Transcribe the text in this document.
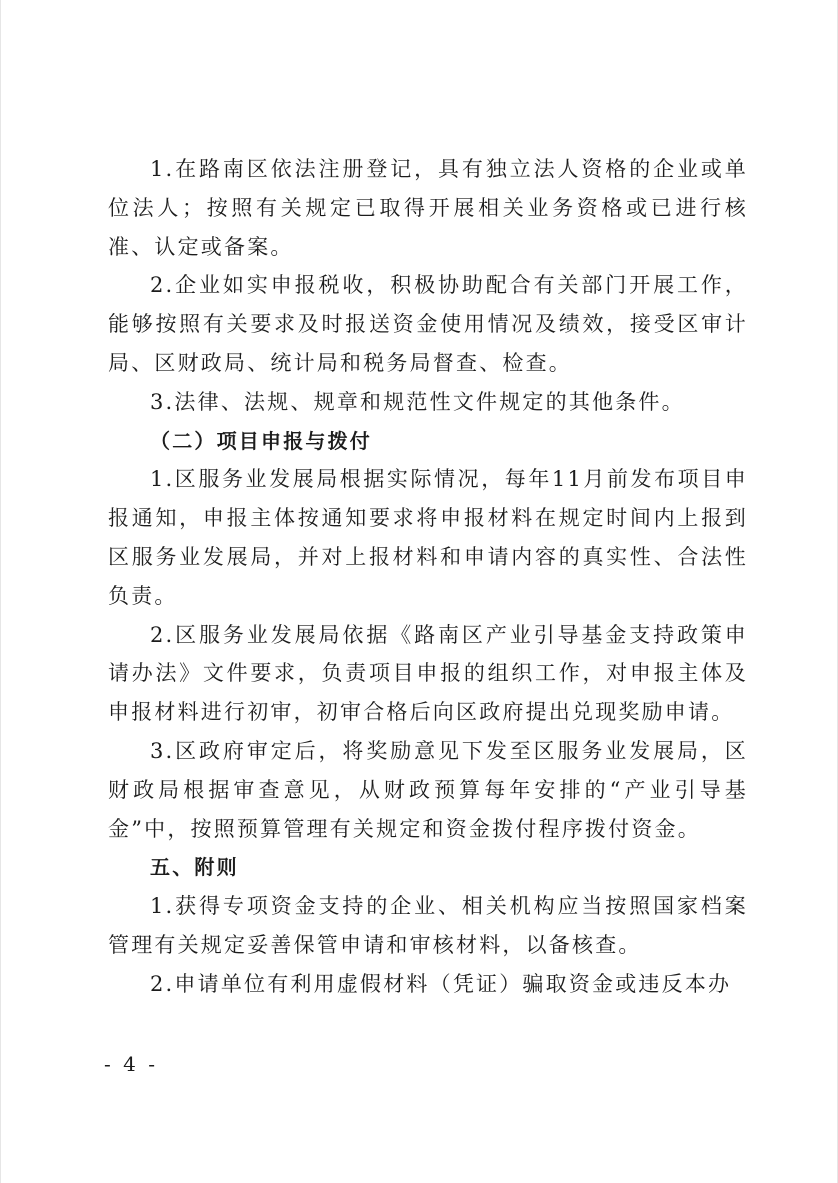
1.在路南区依法注册登记，具有独立法人资格的企业或单位法人；按照有关规定已取得开展相关业务资格或已进行核准、认定或备案。

2.企业如实申报税收，积极协助配合有关部门开展工作，能够按照有关要求及时报送资金使用情况及绩效，接受区审计局、区财政局、统计局和税务局督查、检查。

3.法律、法规、规章和规范性文件规定的其他条件。

（二）项目申报与拨付

1.区服务业发展局根据实际情况，每年11月前发布项目申报通知，申报主体按通知要求将申报材料在规定时间内上报到区服务业发展局，并对上报材料和申请内容的真实性、合法性负责。

2.区服务业发展局依据《路南区产业引导基金支持政策申请办法》文件要求，负责项目申报的组织工作，对申报主体及申报材料进行初审，初审合格后向区政府提出兑现奖励申请。

3.区政府审定后，将奖励意见下发至区服务业发展局，区财政局根据审查意见，从财政预算每年安排的“产业引导基金”中，按照预算管理有关规定和资金拨付程序拨付资金。

五、附则

1.获得专项资金支持的企业、相关机构应当按照国家档案管理有关规定妥善保管申请和审核材料，以备核查。

2.申请单位有利用虚假材料（凭证）骗取资金或违反本办

- 4 -
